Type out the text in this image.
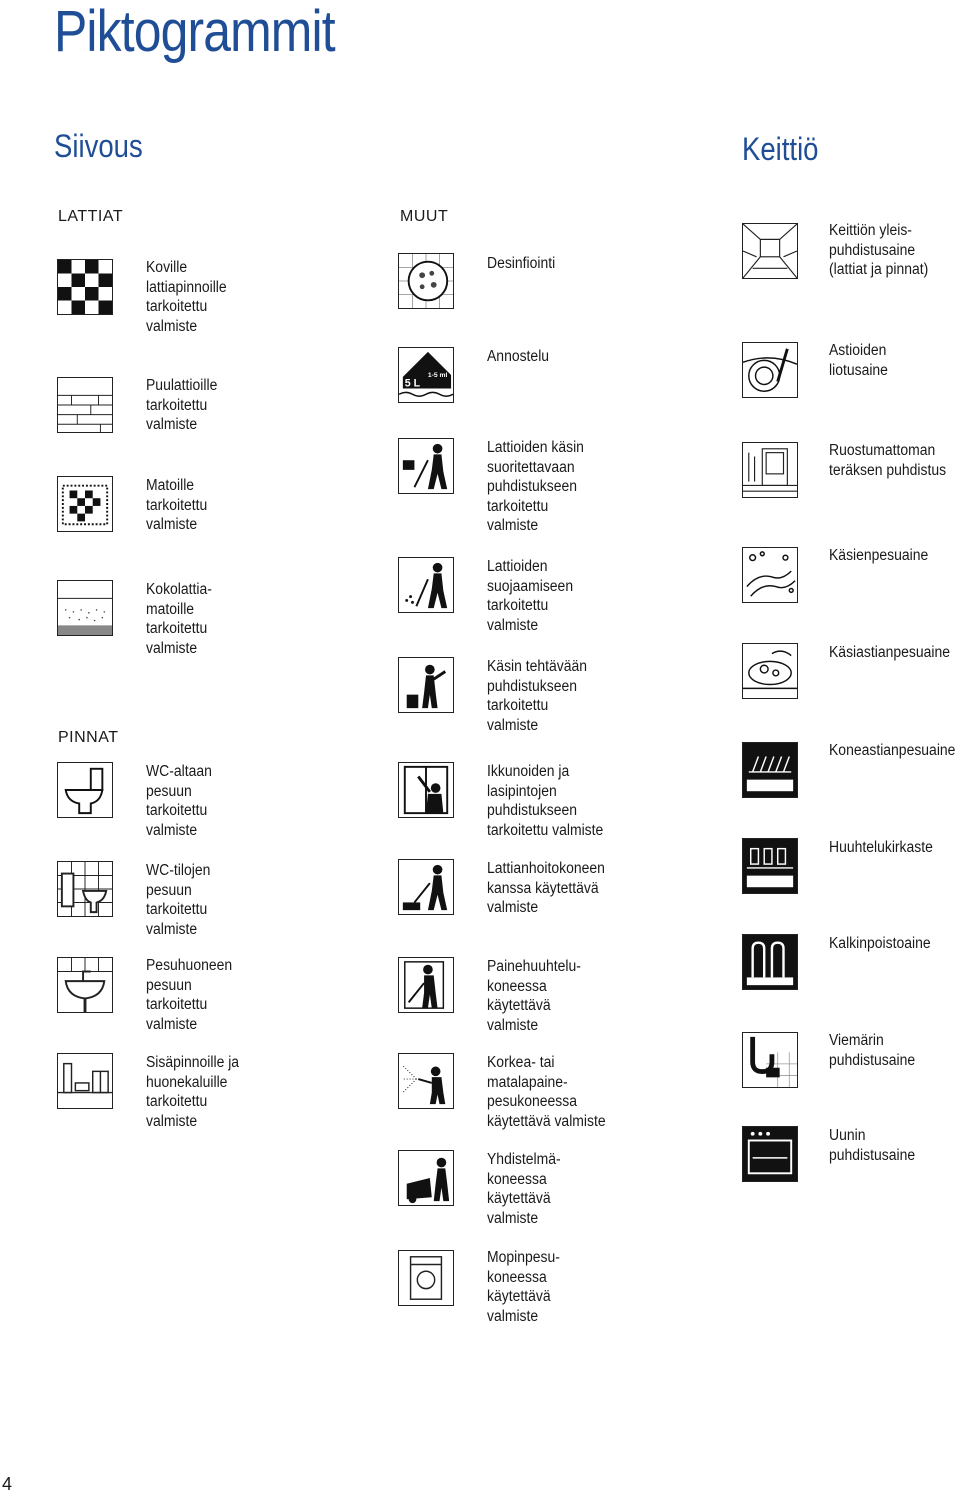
Piktogrammit
Siivous	Keittiö
LATTIAT
PINNAT
MUUT
Koville
lattiapinnoille
tarkoitettu
valmiste
Puulattioille
tarkoitettu
valmiste
Matoille
tarkoitettu
valmiste
Kokolattia-
matoille
tarkoitettu
valmiste
WC-altaan
pesuun
tarkoitettu
valmiste
WC-tilojen
pesuun
tarkoitettu
valmiste
Pesuhuoneen
pesuun
tarkoitettu
valmiste
Sisäpinnoille ja
huonekaluille
tarkoitettu
valmiste
Desinfiointi
5 L
1-5 ml
Annostelu
Lattioiden käsin
suoritettavaan
puhdistukseen
tarkoitettu
valmiste
Lattioiden
suojaamiseen
tarkoitettu
valmiste
Käsin tehtävään
puhdistukseen
tarkoitettu
valmiste
Ikkunoiden ja
lasipintojen
puhdistukseen
tarkoitettu valmiste
Lattianhoitokoneen
kanssa käytettävä
valmiste
Painehuuhtelu-
koneessa
käytettävä
valmiste
Korkea- tai
matalapaine-
pesukoneessa
käytettävä valmiste
Yhdistelmä-
koneessa
käytettävä
valmiste
Mopinpesu-
koneessa
käytettävä
valmiste
Keittiön yleis-
puhdistusaine
(lattiat ja pinnat)
Astioiden
liotusaine
Ruostumattoman
teräksen puhdistus
Käsienpesuaine
Käsiastianpesuaine
Koneastianpesuaine
Huuhtelukirkaste
Kalkinpoistoaine
Viemärin
puhdistusaine
Uunin
puhdistusaine
4
